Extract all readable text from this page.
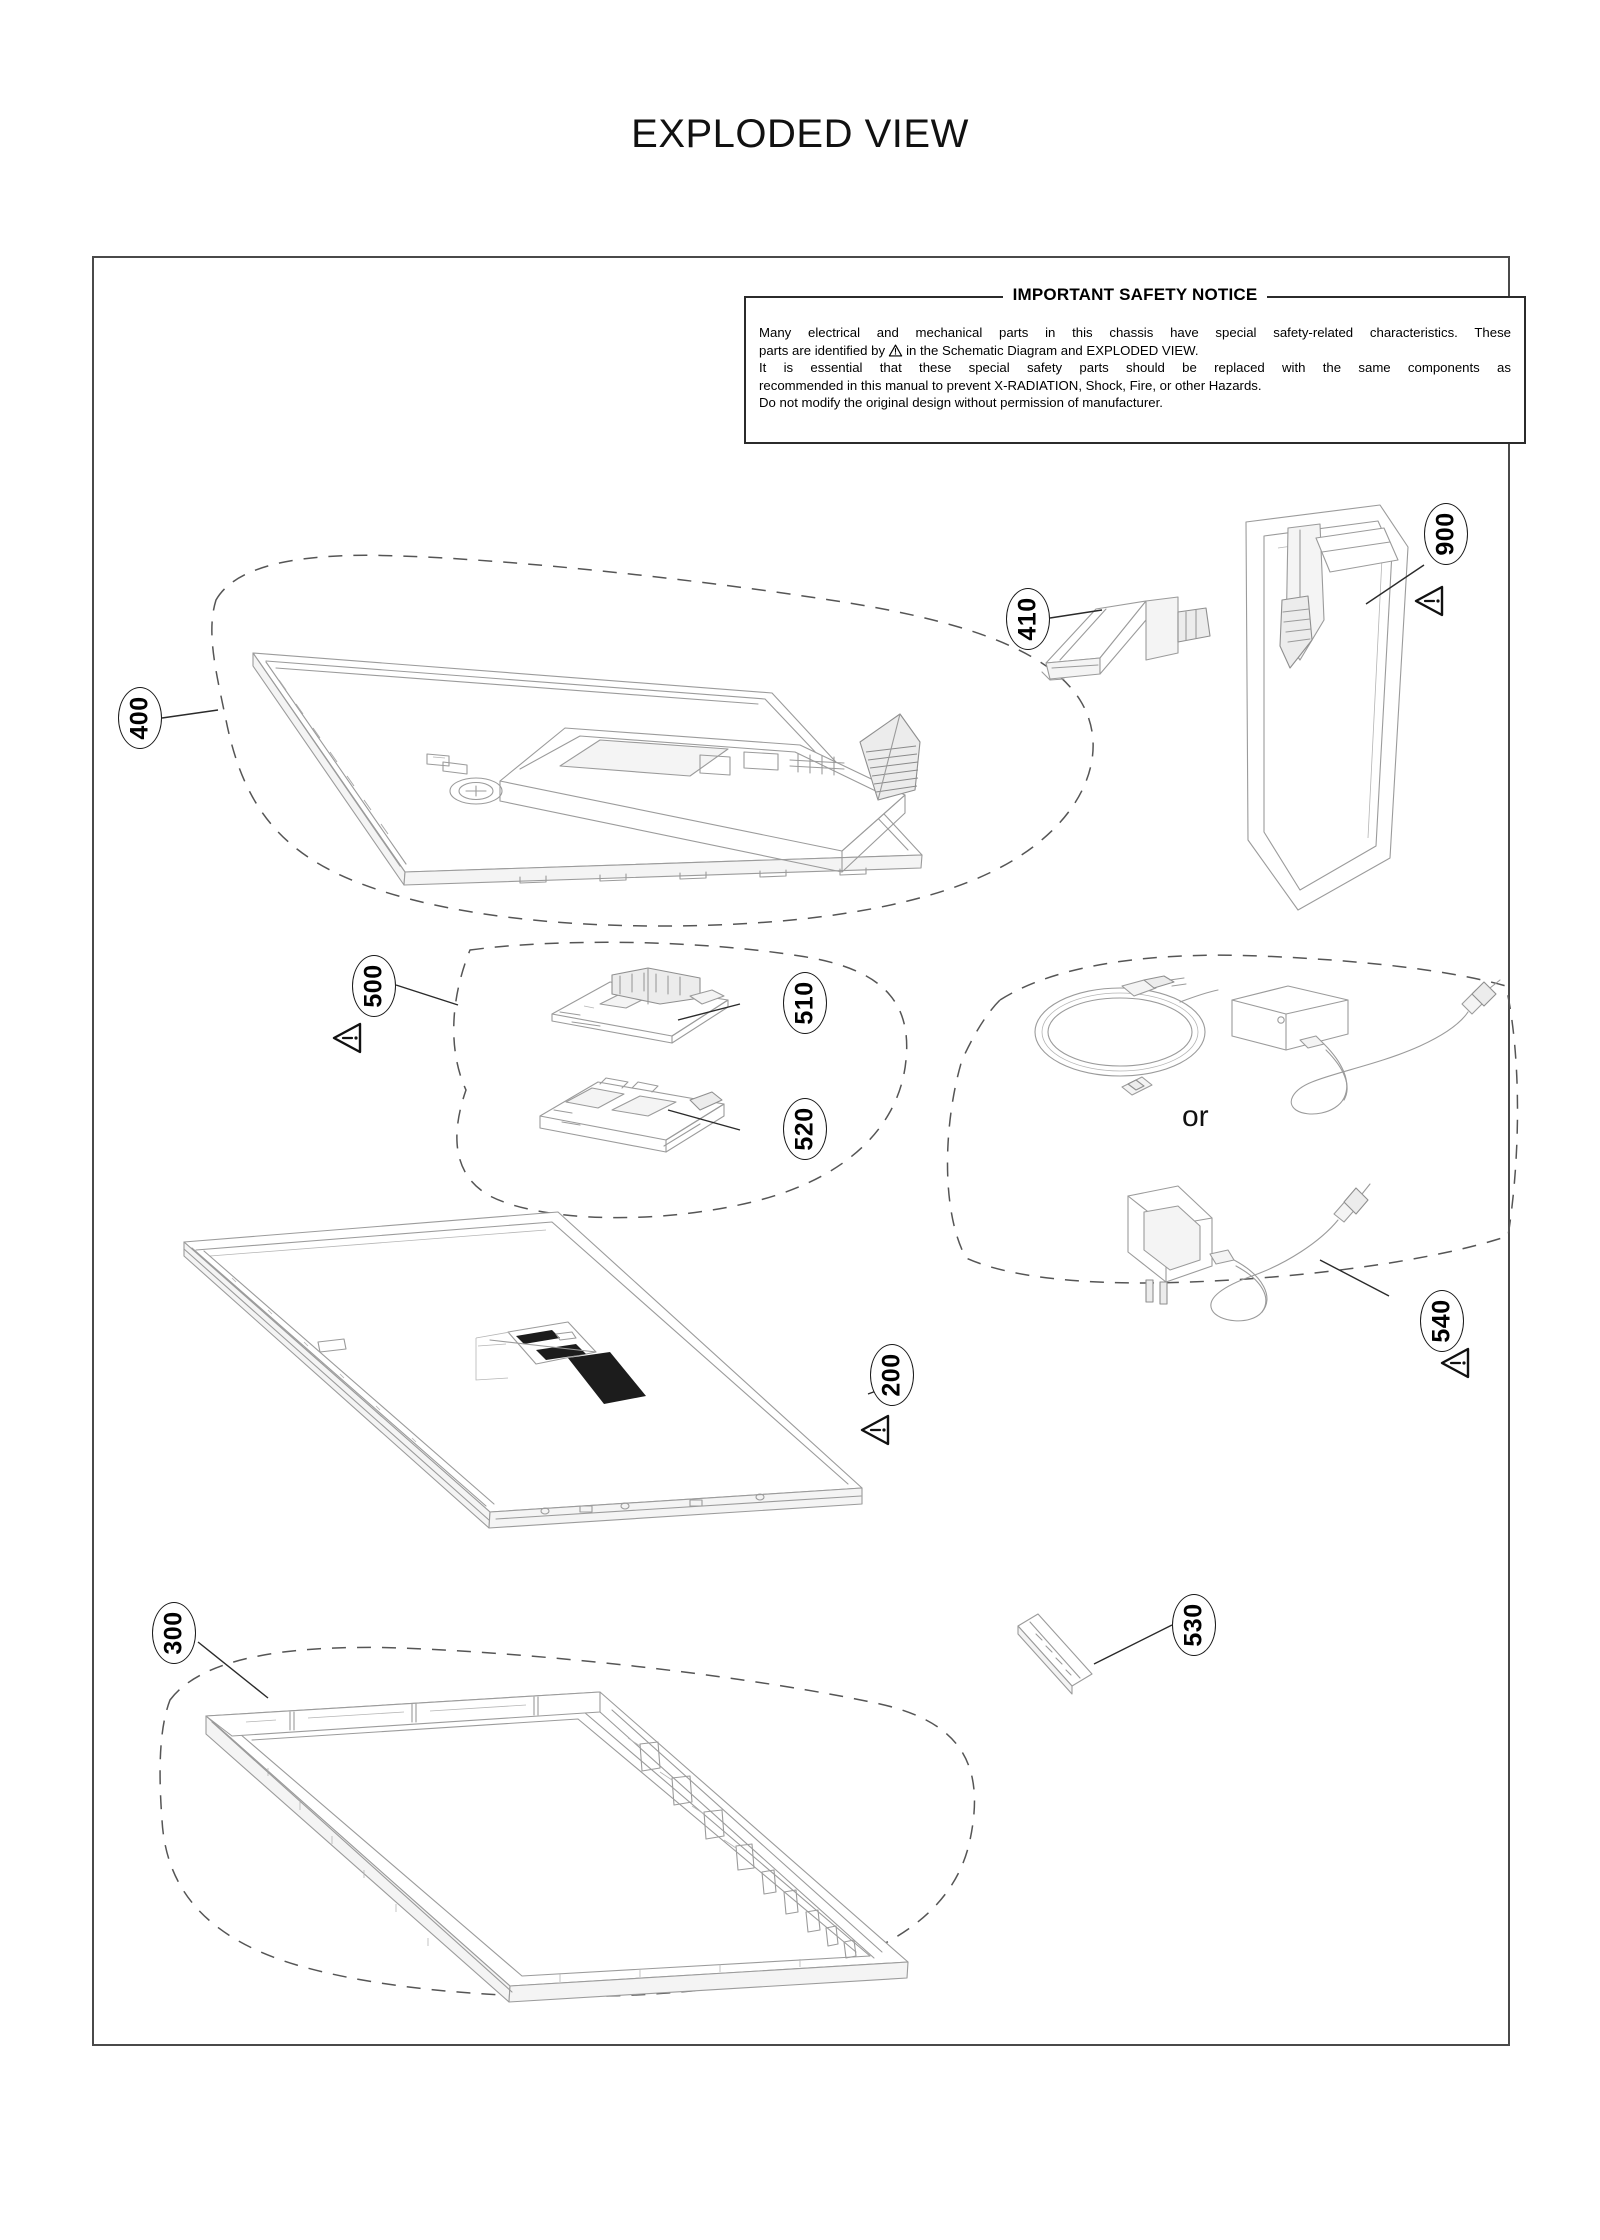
EXPLODED VIEW
IMPORTANT SAFETY NOTICE
Many electrical and mechanical parts in this chassis have special safety-related characteristics. These
parts are identified by in the Schematic Diagram and EXPLODED VIEW.
It is essential that these special safety parts should be replaced with the same components as
recommended in this manual to prevent X-RADIATION, Shock, Fire, or other Hazards.
Do not modify the original design without permission of manufacturer.
or
400
410
900
500	510
520
530
540
200
300
